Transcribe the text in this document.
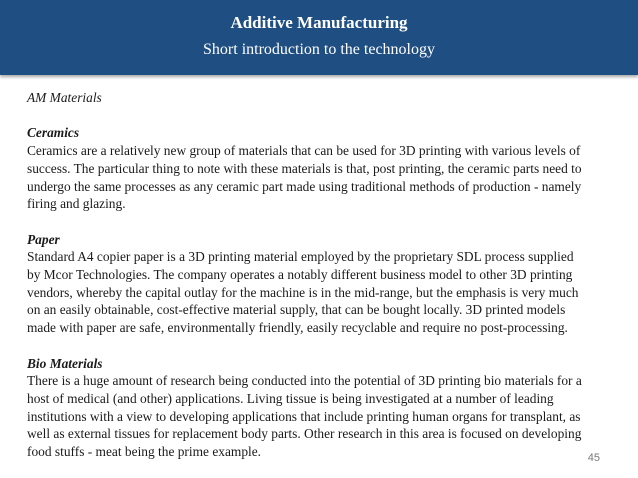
Additive Manufacturing
Short introduction to the technology

AM Materials

Ceramics

Ceramics are a relatively new group of materials that can be used for 3D printing with various levels of

success. The particular thing to note with these materials is that, post printing, the ceramic parts need to

undergo the same processes as any ceramic part made using traditional methods of production - namely

firing and glazing.

Paper

Standard A4 copier paper is a 3D printing material employed by the proprietary SDL process supplied

by Mcor Technologies. The company operates a notably different business model to other 3D printing

vendors, whereby the capital outlay for the machine is in the mid-range, but the emphasis is very much

on an easily obtainable, cost-effective material supply, that can be bought locally. 3D printed models

made with paper are safe, environmentally friendly, easily recyclable and require no post-processing.

Bio Materials

There is a huge amount of research being conducted into the potential of 3D printing bio materials for a

host of medical (and other) applications. Living tissue is being investigated at a number of leading

institutions with a view to developing applications that include printing human organs for transplant, as

well as external tissues for replacement body parts. Other research in this area is focused on developing

food stuffs - meat being the prime example.	45
